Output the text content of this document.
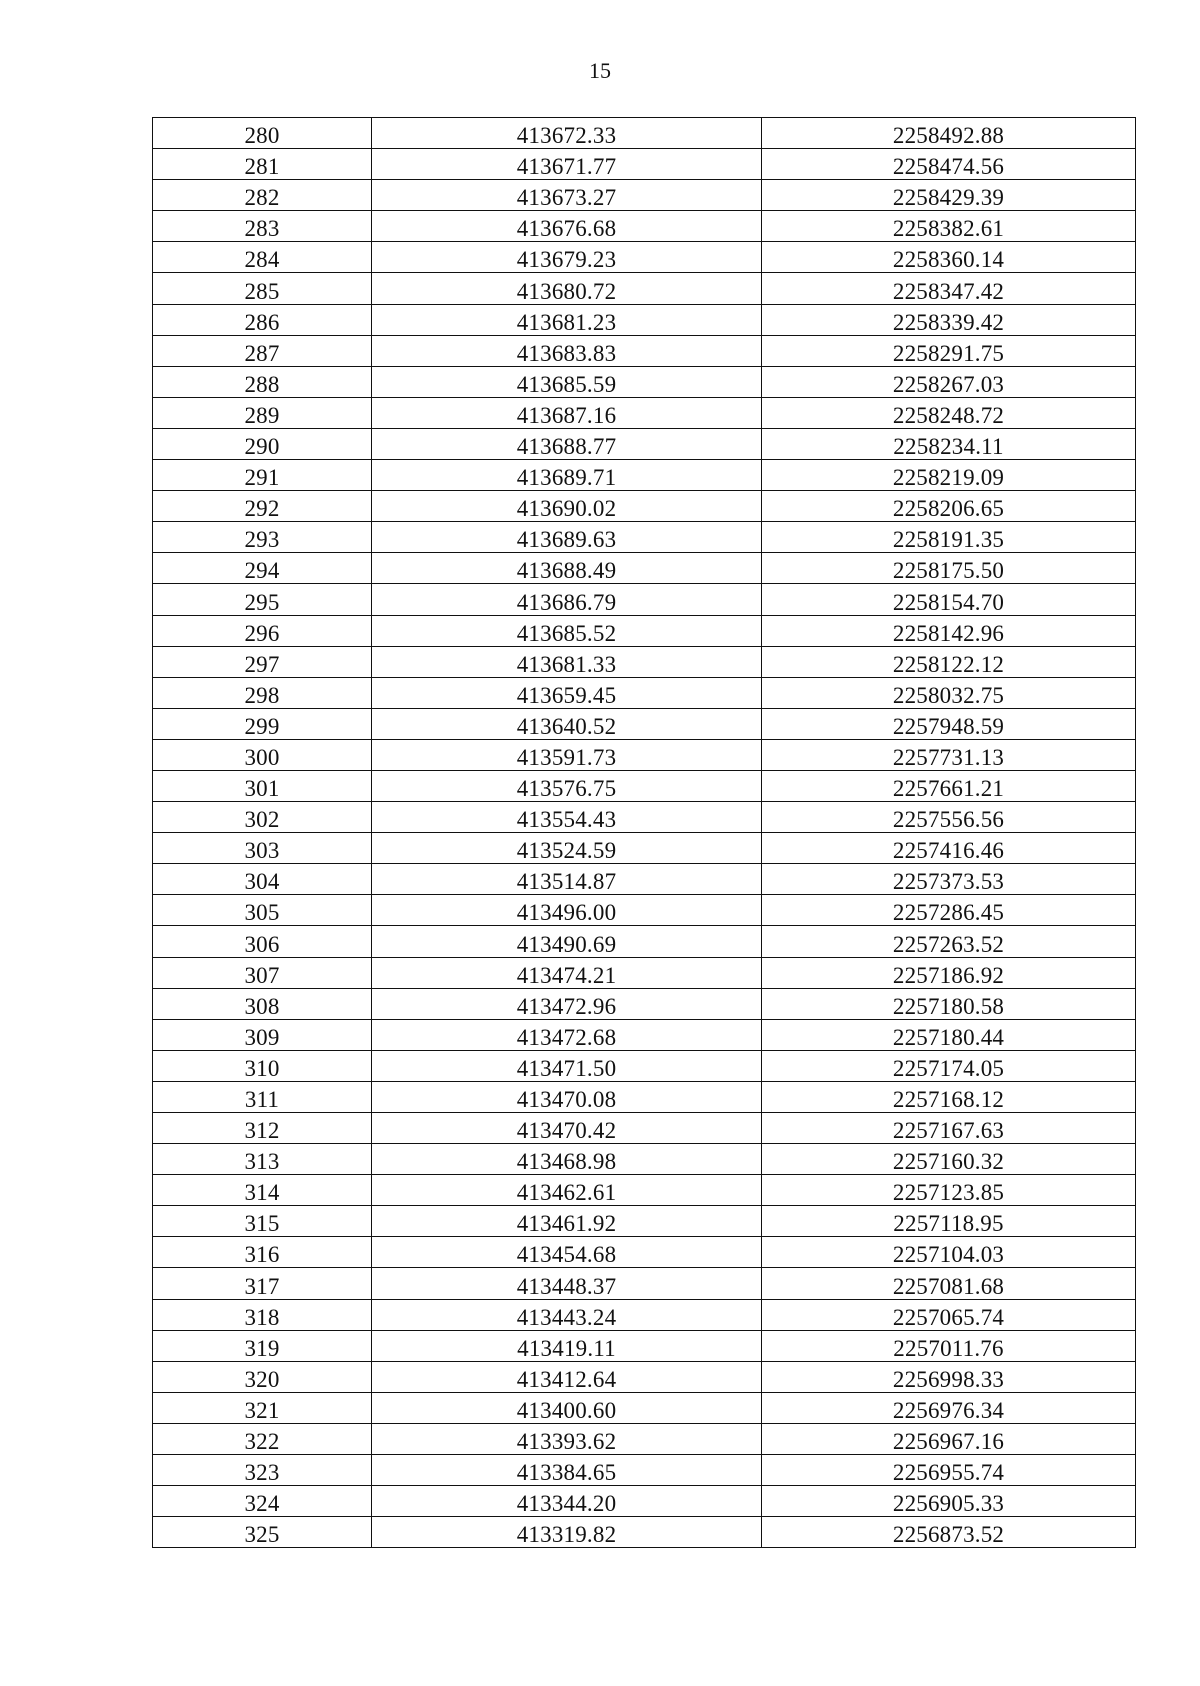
15
280	413672.33	2258492.88
281	413671.77	2258474.56
282	413673.27	2258429.39
283	413676.68	2258382.61
284	413679.23	2258360.14
285	413680.72	2258347.42
286	413681.23	2258339.42
287	413683.83	2258291.75
288	413685.59	2258267.03
289	413687.16	2258248.72
290	413688.77	2258234.11
291	413689.71	2258219.09
292	413690.02	2258206.65
293	413689.63	2258191.35
294	413688.49	2258175.50
295	413686.79	2258154.70
296	413685.52	2258142.96
297	413681.33	2258122.12
298	413659.45	2258032.75
299	413640.52	2257948.59
300	413591.73	2257731.13
301	413576.75	2257661.21
302	413554.43	2257556.56
303	413524.59	2257416.46
304	413514.87	2257373.53
305	413496.00	2257286.45
306	413490.69	2257263.52
307	413474.21	2257186.92
308	413472.96	2257180.58
309	413472.68	2257180.44
310	413471.50	2257174.05
311	413470.08	2257168.12
312	413470.42	2257167.63
313	413468.98	2257160.32
314	413462.61	2257123.85
315	413461.92	2257118.95
316	413454.68	2257104.03
317	413448.37	2257081.68
318	413443.24	2257065.74
319	413419.11	2257011.76
320	413412.64	2256998.33
321	413400.60	2256976.34
322	413393.62	2256967.16
323	413384.65	2256955.74
324	413344.20	2256905.33
325	413319.82	2256873.52
